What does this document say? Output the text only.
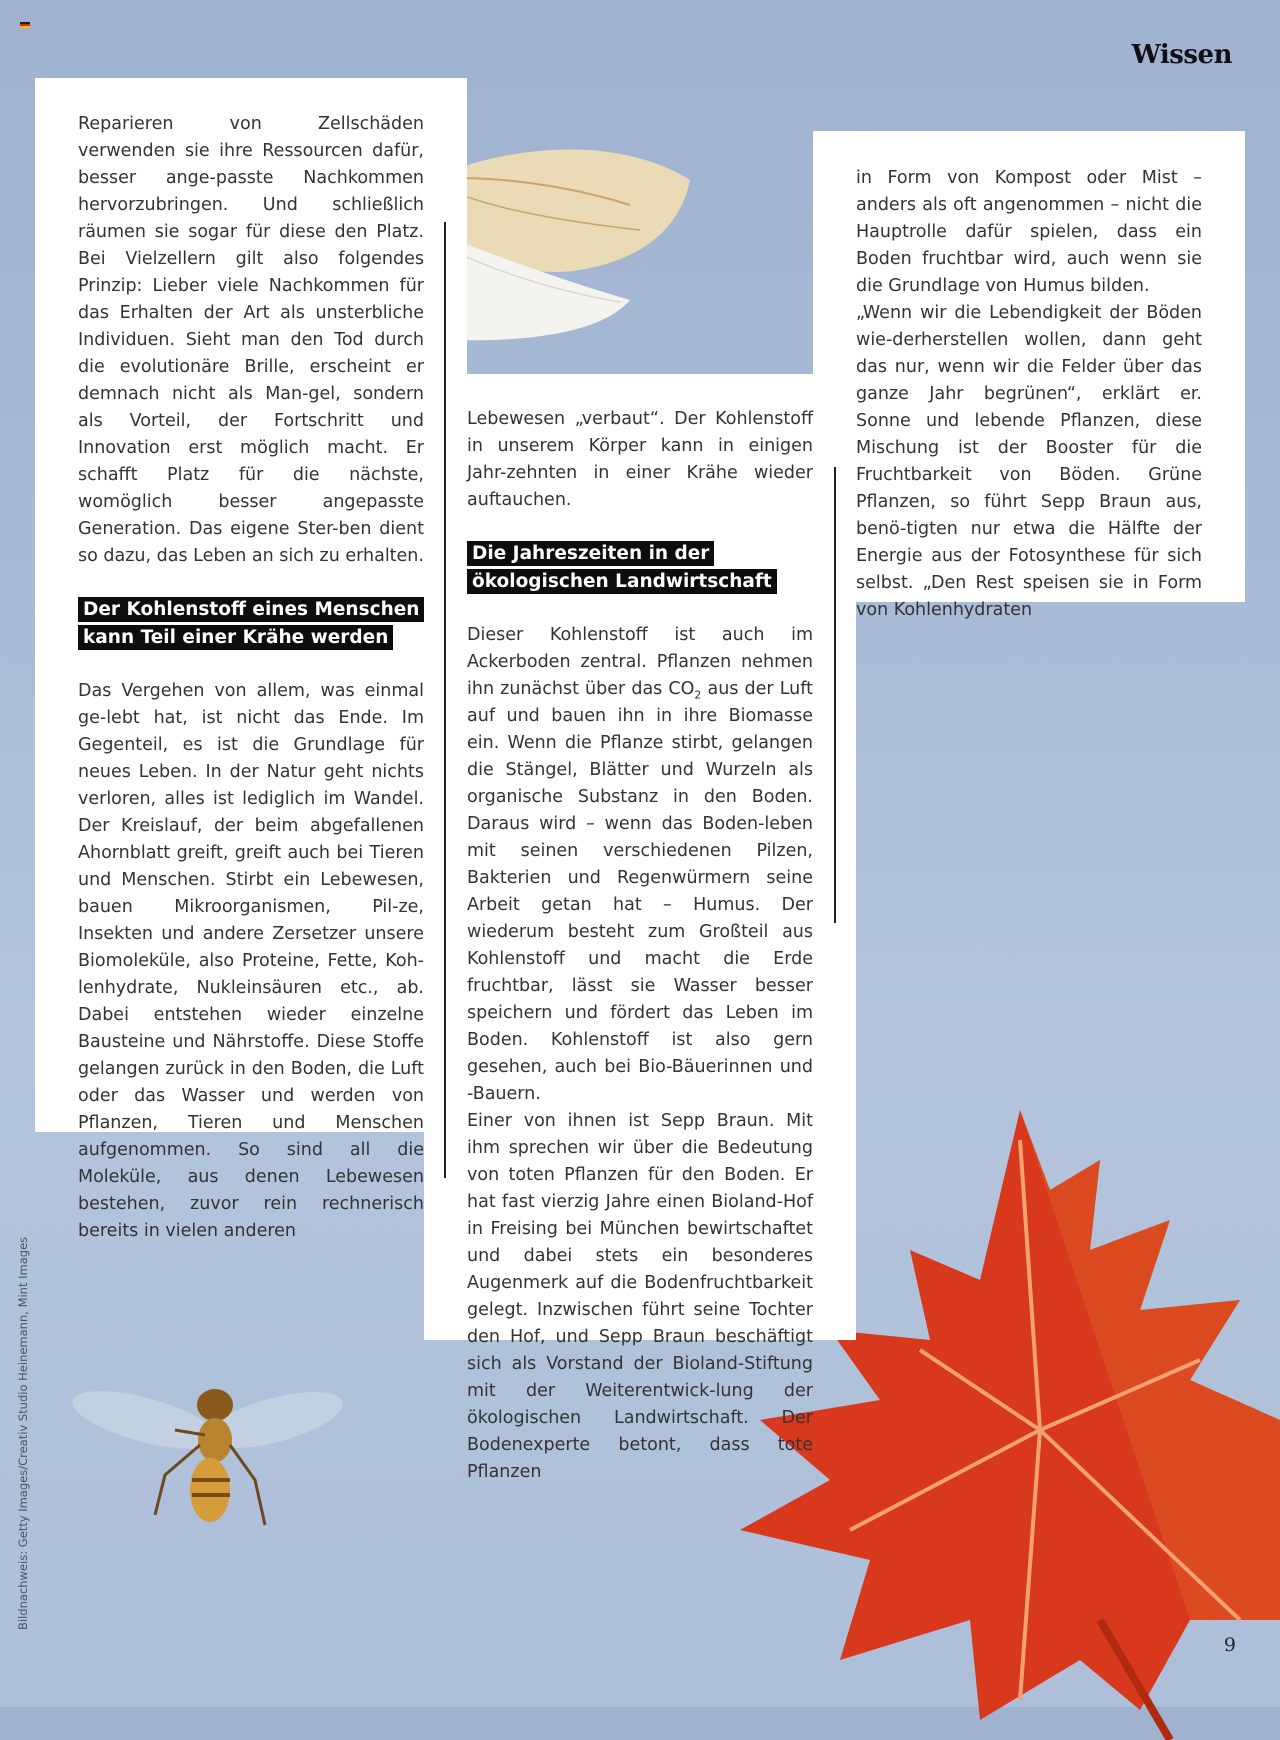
Wissen

Reparieren von Zellschäden verwenden sie ihre Ressourcen dafür, besser ange-passte Nachkommen hervorzubringen. Und schließlich räumen sie sogar für diese den Platz. Bei Vielzellern gilt also folgendes Prinzip: Lieber viele Nachkommen für das Erhalten der Art als unsterbliche Individuen. Sieht man den Tod durch die evolutionäre Brille, erscheint er demnach nicht als Man-gel, sondern als Vorteil, der Fortschritt und Innovation erst möglich macht. Er schafft Platz für die nächste, womöglich besser angepasste Generation. Das eigene Ster-ben dient so dazu, das Leben an sich zu erhalten.

Der Kohlenstoff eines Menschen kann Teil einer Krähe werden

Das Vergehen von allem, was einmal ge-lebt hat, ist nicht das Ende. Im Gegenteil, es ist die Grundlage für neues Leben. In der Natur geht nichts verloren, alles ist lediglich im Wandel. Der Kreislauf, der beim abgefallenen Ahornblatt greift, greift auch bei Tieren und Menschen. Stirbt ein Lebewesen, bauen Mikroorganismen, Pil-ze, Insekten und andere Zersetzer unsere Biomoleküle, also Proteine, Fette, Koh-lenhydrate, Nukleinsäuren etc., ab. Dabei entstehen wieder einzelne Bausteine und Nährstoffe. Diese Stoffe gelangen zurück in den Boden, die Luft oder das Wasser und werden von Pflanzen, Tieren und Menschen aufgenommen. So sind all die Moleküle, aus denen Lebewesen bestehen, zuvor rein rechnerisch bereits in vielen anderen

Lebewesen „verbaut“. Der Kohlenstoff in unserem Körper kann in einigen Jahr-zehnten in einer Krähe wieder auftauchen.

Die Jahreszeiten in der ökologischen Landwirtschaft

Dieser Kohlenstoff ist auch im Ackerboden zentral. Pflanzen nehmen ihn zunächst über das $CO_2$ aus der Luft auf und bauen ihn in ihre Biomasse ein. Wenn die Pflanze stirbt, gelangen die Stängel, Blätter und Wurzeln als organische Substanz in den Boden. Daraus wird – wenn das Boden-leben mit seinen verschiedenen Pilzen, Bakterien und Regenwürmern seine Arbeit getan hat – Humus. Der wiederum besteht zum Großteil aus Kohlenstoff und macht die Erde fruchtbar, lässt sie Wasser besser speichern und fördert das Leben im Boden. Kohlenstoff ist also gern gesehen, auch bei Bio-Bäuerinnen und -Bauern.

Einer von ihnen ist Sepp Braun. Mit ihm sprechen wir über die Bedeutung von toten Pflanzen für den Boden. Er hat fast vierzig Jahre einen Bioland-Hof in Freising bei München bewirtschaftet und dabei stets ein besonderes Augenmerk auf die Bodenfruchtbarkeit gelegt. Inzwischen führt seine Tochter den Hof, und Sepp Braun beschäftigt sich als Vorstand der Bioland-Stiftung mit der Weiterentwick-lung der ökologischen Landwirtschaft. Der Bodenexperte betont, dass tote Pflanzen

in Form von Kompost oder Mist – anders als oft angenommen – nicht die Hauptrolle dafür spielen, dass ein Boden fruchtbar wird, auch wenn sie die Grundlage von Humus bilden.

„Wenn wir die Lebendigkeit der Böden wie-derherstellen wollen, dann geht das nur, wenn wir die Felder über das ganze Jahr begrünen“, erklärt er. Sonne und lebende Pflanzen, diese Mischung ist der Booster für die Fruchtbarkeit von Böden. Grüne Pflanzen, so führt Sepp Braun aus, benö-tigten nur etwa die Hälfte der Energie aus der Fotosynthese für sich selbst. „Den Rest speisen sie in Form von Kohlenhydraten

Bildnachweis: Getty Images/Creativ Studio Heinemann, Mint Images
9
